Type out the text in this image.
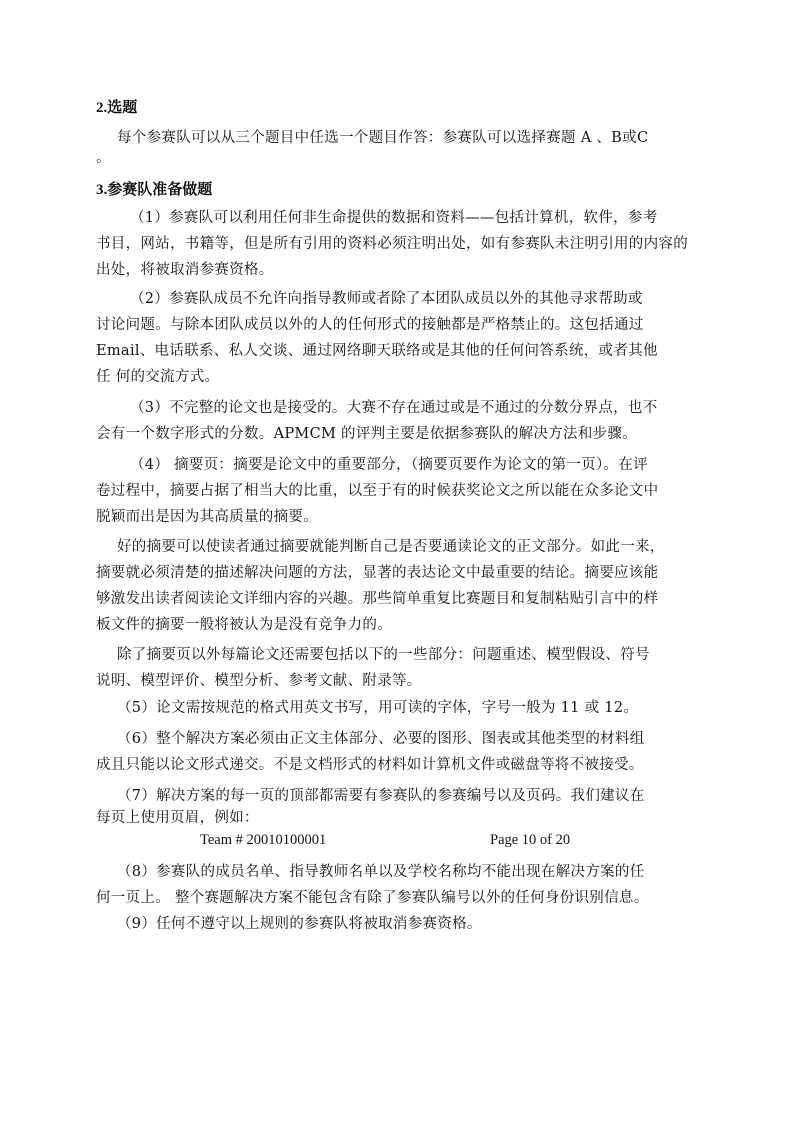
2.选题
每个参赛队可以从三个题目中任选一个题目作答：参赛队可以选择赛题 A 、B或C
。
3.参赛队准备做题
（1）参赛队可以利用任何非生命提供的数据和资料——包括计算机，软件，参考
书目，网站，书籍等，但是所有引用的资料必须注明出处，如有参赛队未注明引用的内容的
出处，将被取消参赛资格。
（2）参赛队成员不允许向指导教师或者除了本团队成员以外的其他寻求帮助或
讨论问题。与除本团队成员以外的人的任何形式的接触都是严格禁止的。这包括通过
Email、电话联系、私人交谈、通过网络聊天联络或是其他的任何问答系统，或者其他
任 何的交流方式。
（3）不完整的论文也是接受的。大赛不存在通过或是不通过的分数分界点，也不
会有一个数字形式的分数。APMCM 的评判主要是依据参赛队的解决方法和步骤。
（4） 摘要页：摘要是论文中的重要部分，（摘要页要作为论文的第一页）。在评
卷过程中，摘要占据了相当大的比重，以至于有的时候获奖论文之所以能在众多论文中
脱颖而出是因为其高质量的摘要。
好的摘要可以使读者通过摘要就能判断自己是否要通读论文的正文部分。如此一来，
摘要就必须清楚的描述解决问题的方法，显著的表达论文中最重要的结论。摘要应该能
够激发出读者阅读论文详细内容的兴趣。那些简单重复比赛题目和复制粘贴引言中的样
板文件的摘要一般将被认为是没有竞争力的。
除了摘要页以外每篇论文还需要包括以下的一些部分：问题重述、模型假设、符号
说明、模型评价、模型分析、参考文献、附录等。
（5）论文需按规范的格式用英文书写，用可读的字体，字号一般为 11 或 12。
（6）整个解决方案必须由正文主体部分、必要的图形、图表或其他类型的材料组
成且只能以论文形式递交。不是文档形式的材料如计算机文件或磁盘等将不被接受。
（7）解决方案的每一页的顶部都需要有参赛队的参赛编号以及页码。我们建议在
每页上使用页眉，例如：
Team # 20010100001	Page 10 of 20
（8）参赛队的成员名单、指导教师名单以及学校名称均不能出现在解决方案的任
何一页上。 整个赛题解决方案不能包含有除了参赛队编号以外的任何身份识别信息。
（9）任何不遵守以上规则的参赛队将被取消参赛资格。
